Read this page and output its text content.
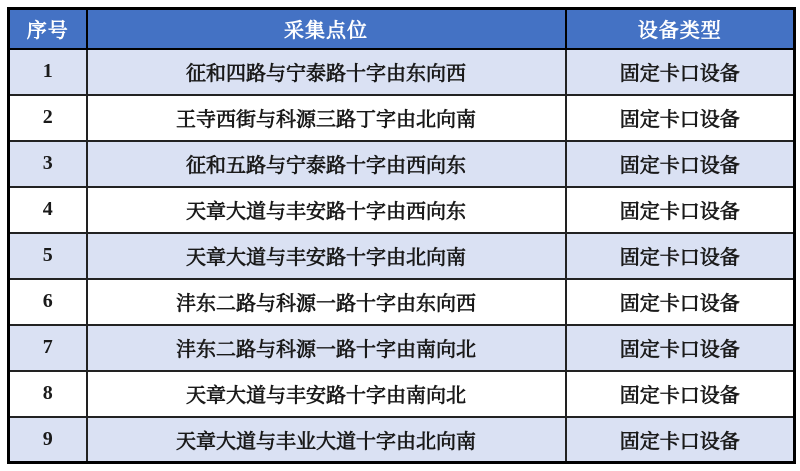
序号	采集点位	设备类型
1	征和四路与宁泰路十字由东向西	固定卡口设备
2	王寺西街与科源三路丁字由北向南	固定卡口设备
3	征和五路与宁泰路十字由西向东	固定卡口设备
4	天章大道与丰安路十字由西向东	固定卡口设备
5	天章大道与丰安路十字由北向南	固定卡口设备
6	沣东二路与科源一路十字由东向西	固定卡口设备
7	沣东二路与科源一路十字由南向北	固定卡口设备
8	天章大道与丰安路十字由南向北	固定卡口设备
9	天章大道与丰业大道十字由北向南	固定卡口设备
